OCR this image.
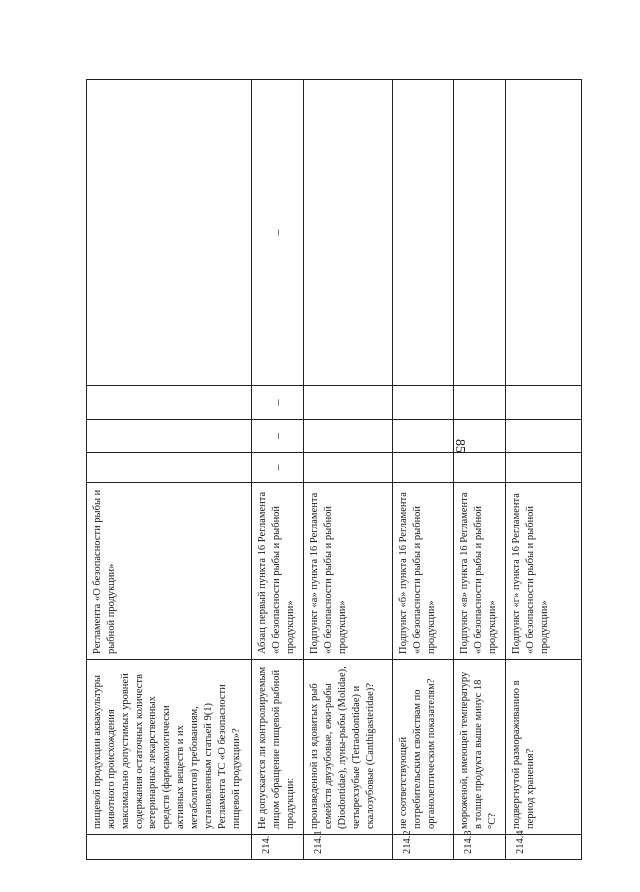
85
	пищевой продукции аквакультуры животного происхождения максимально допустимых уровней содержания остаточных количеств ветеринарных лекарственных средств (фармакологически активных веществ и их метаболитов) требованиям, установленным статьей 9(1) Регламента ТС «О безопасности пищевой продукции»?	Регламента «О безопасности рыбы и рыбной продукции»				
214.	Не допускается ли контролируемым лицом обращение пищевой рыбной продукции:	Абзац первый пункта 16 Регламента «О безопасности рыбы и рыбной продукции»	–	–	–	–
214.1	произведенной из ядовитых рыб семейств двузубовые, ежи-рыбы (Diodontidae), луны-рыбы (Molidae), четырехзубые (Tetraodontidae) и скалозубовые (Canthigasteridae)?	Подпункт «а» пункта 16 Регламента «О безопасности рыбы и рыбной продукции»				
214.2	не соответствующей потребительским свойствам по органолептическим показателям?	Подпункт «б» пункта 16 Регламента «О безопасности рыбы и рыбной продукции»				
214.3	мороженой, имеющей температуру в толще продукта выше минус 18 °С?	Подпункт «в» пункта 16 Регламента «О безопасности рыбы и рыбной продукции»				
214.4	подвергнутой размораживанию в период хранения?	Подпункт «г» пункта 16 Регламента «О безопасности рыбы и рыбной продукции»				
